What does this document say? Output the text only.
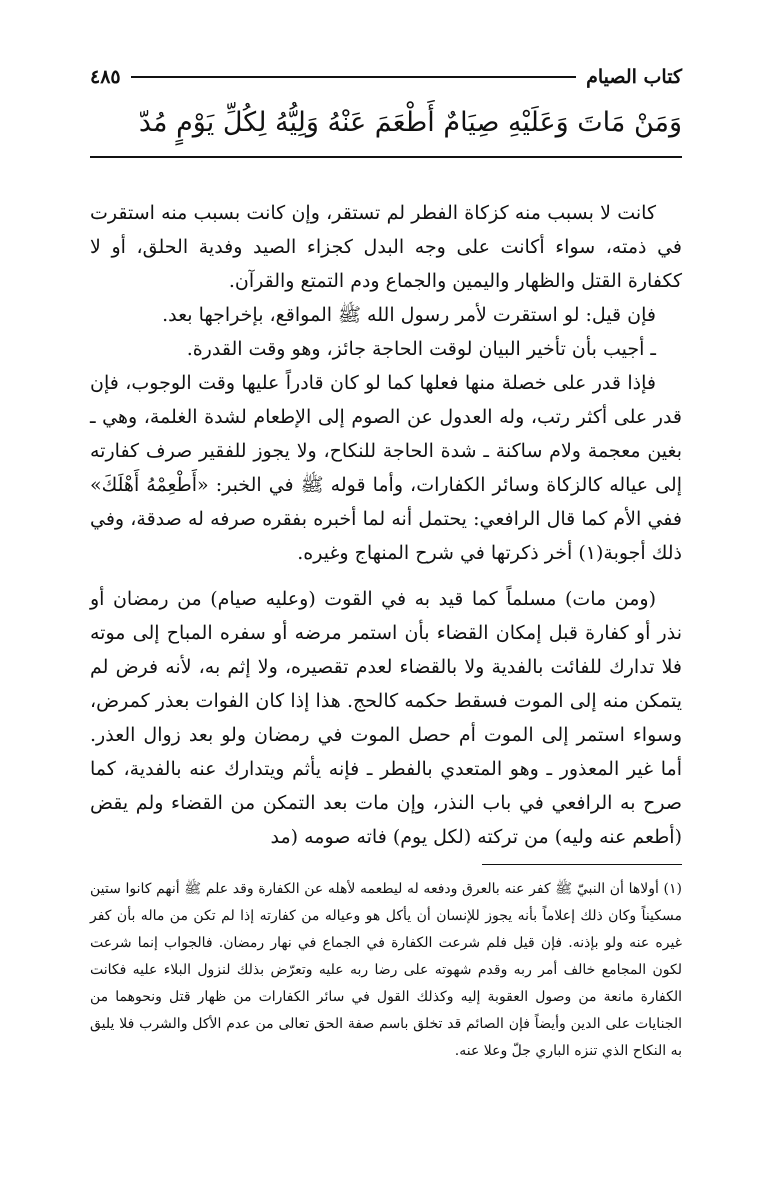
كتاب الصيام
٤٨٥
وَمَنْ مَاتَ وَعَلَيْهِ صِيَامٌ أَطْعَمَ عَنْهُ وَلِيُّهُ لِكُلِّ يَوْمٍ مُدّ

كانت لا بسبب منه كزكاة الفطر لم تستقر، وإن كانت بسبب منه استقرت في ذمته، سواء أكانت على وجه البدل كجزاء الصيد وفدية الحلق، أو لا ككفارة القتل والظهار واليمين والجماع ودم التمتع والقرآن.

فإن قيل: لو استقرت لأمر رسول الله ﷺ المواقع، بإخراجها بعد.

ـ أجيب بأن تأخير البيان لوقت الحاجة جائز، وهو وقت القدرة.

فإذا قدر على خصلة منها فعلها كما لو كان قادراً عليها وقت الوجوب، فإن قدر على أكثر رتب، وله العدول عن الصوم إلى الإطعام لشدة الغلمة، وهي ـ بغين معجمة ولام ساكنة ـ شدة الحاجة للنكاح، ولا يجوز للفقير صرف كفارته إلى عياله كالزكاة وسائر الكفارات، وأما قوله ﷺ في الخبر: «أَطْعِمْهُ أَهْلَكَ» ففي الأم كما قال الرافعي: يحتمل أنه لما أخبره بفقره صرفه له صدقة، وفي ذلك أجوبة(١) أخر ذكرتها في شرح المنهاج وغيره.

(ومن مات) مسلماً كما قيد به في القوت (وعليه صيام) من رمضان أو نذر أو كفارة قبل إمكان القضاء بأن استمر مرضه أو سفره المباح إلى موته فلا تدارك للفائت بالفدية ولا بالقضاء لعدم تقصيره، ولا إثم به، لأنه فرض لم يتمكن منه إلى الموت فسقط حكمه كالحج. هذا إذا كان الفوات بعذر كمرض، وسواء استمر إلى الموت أم حصل الموت في رمضان ولو بعد زوال العذر. أما غير المعذور ـ وهو المتعدي بالفطر ـ فإنه يأثم ويتدارك عنه بالفدية، كما صرح به الرافعي في باب النذر، وإن مات بعد التمكن من القضاء ولم يقض (أطعم عنه وليه) من تركته (لكل يوم) فاته صومه (مد

(١) أولاها أن النبيّ ﷺ كفر عنه بالعرق ودفعه له ليطعمه لأهله عن الكفارة وقد علم ﷺ أنهم كانوا ستين مسكيناً وكان ذلك إعلاماً بأنه يجوز للإنسان أن يأكل هو وعياله من كفارته إذا لم تكن من ماله بأن كفر غيره عنه ولو بإذنه. فإن قيل فلم شرعت الكفارة في الجماع في نهار رمضان. فالجواب إنما شرعت لكون المجامع خالف أمر ربه وقدم شهوته على رضا ربه عليه وتعرّض بذلك لنزول البلاء عليه فكانت الكفارة مانعة من وصول العقوبة إليه وكذلك القول في سائر الكفارات من ظهار قتل ونحوهما من الجنايات على الدين وأيضاً فإن الصائم قد تخلق باسم صفة الحق تعالى من عدم الأكل والشرب فلا يليق به النكاح الذي تنزه الباري جلّ وعلا عنه.
